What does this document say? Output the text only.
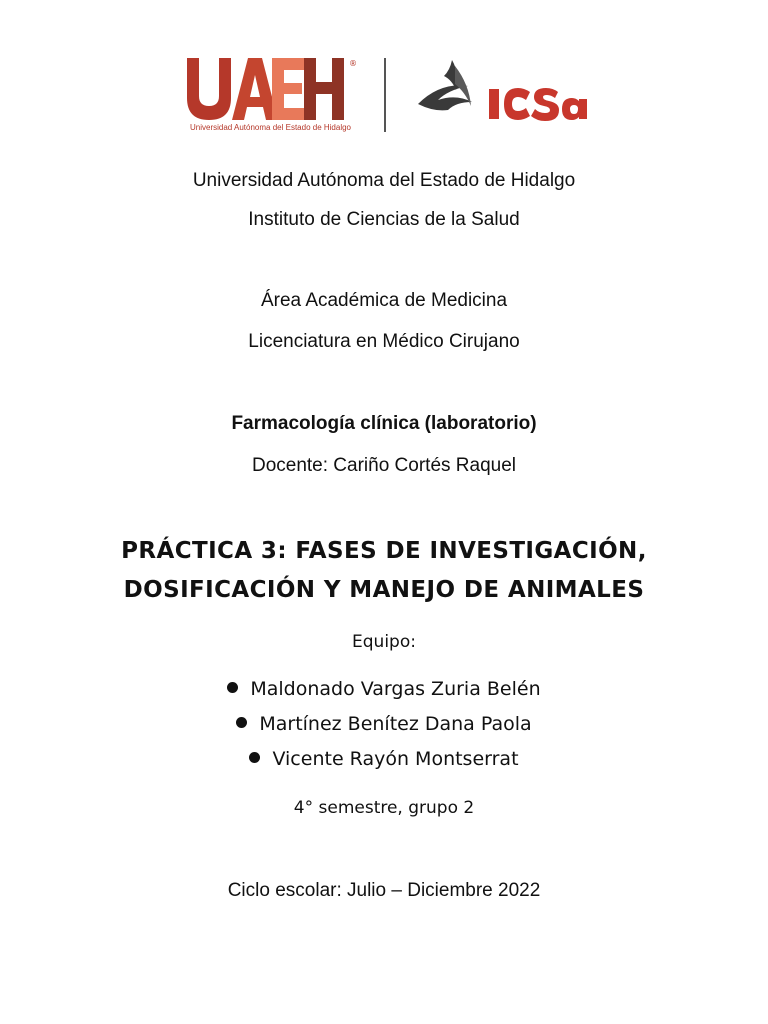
®
Universidad Autónoma del Estado de Hidalgo
Universidad Autónoma del Estado de Hidalgo
Instituto de Ciencias de la Salud
Área Académica de Medicina
Licenciatura en Médico Cirujano
Farmacología clínica (laboratorio)
Docente: Cariño Cortés Raquel
PRÁCTICA 3: FASES DE INVESTIGACIÓN,
DOSIFICACIÓN Y MANEJO DE ANIMALES
Equipo:
Maldonado Vargas Zuria Belén
Martínez Benítez Dana Paola
Vicente Rayón Montserrat
4° semestre, grupo 2
Ciclo escolar: Julio – Diciembre 2022
